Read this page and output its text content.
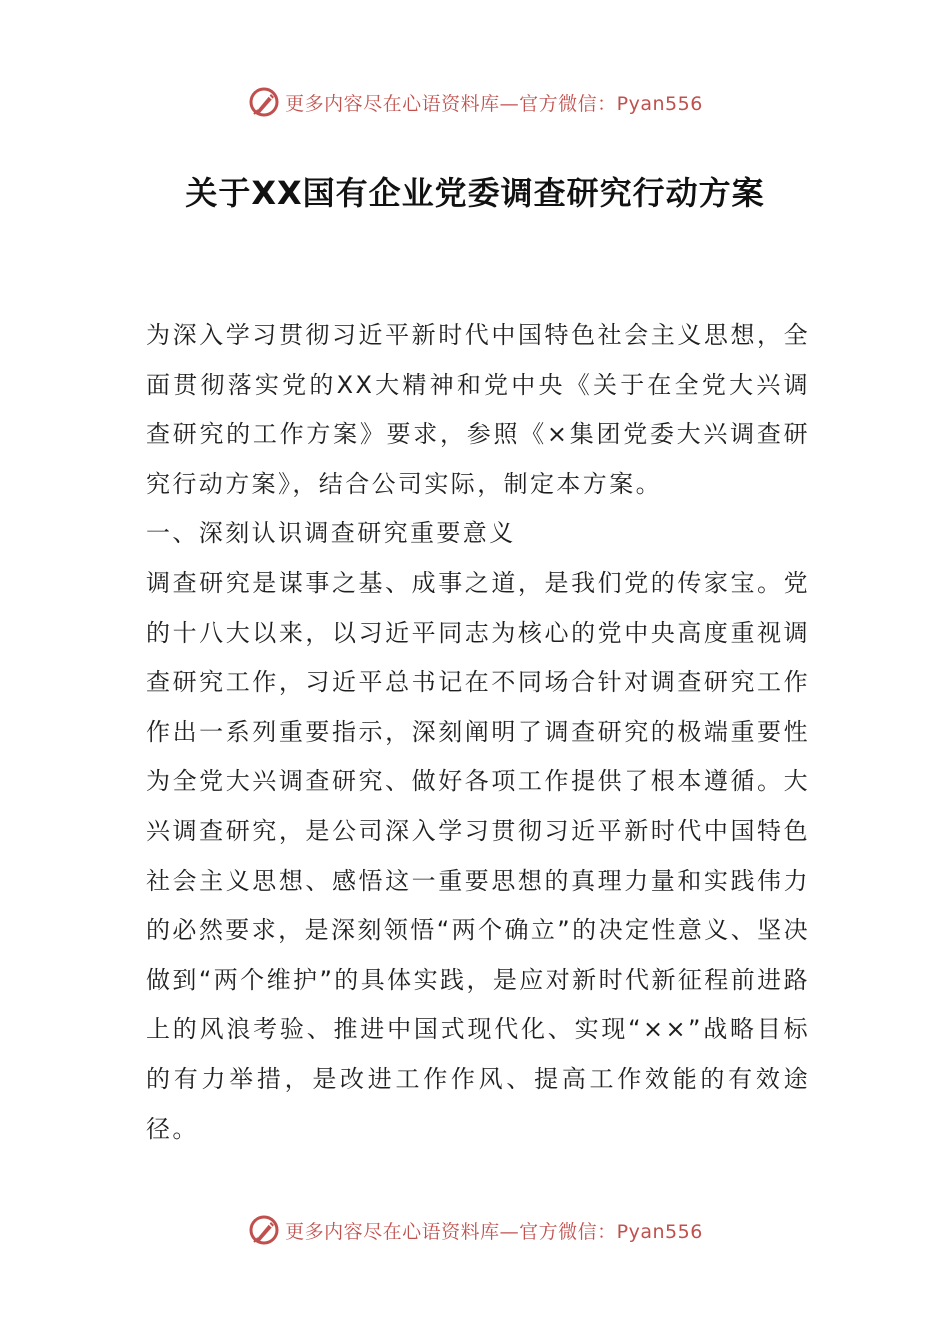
更多内容尽在心语资料库—官方微信：Pyan556
关于XX国有企业党委调查研究行动方案

为深入学习贯彻习近平新时代中国特色社会主义思想，全面贯彻落实党的XX大精神和党中央《关于在全党大兴调查研究的工作方案》要求，参照《×集团党委大兴调查研究行动方案》，结合公司实际，制定本方案。

一、深刻认识调查研究重要意义

调查研究是谋事之基、成事之道，是我们党的传家宝。党的十八大以来，以习近平同志为核心的党中央高度重视调查研究工作，习近平总书记在不同场合针对调查研究工作作出一系列重要指示，深刻阐明了调查研究的极端重要性为全党大兴调查研究、做好各项工作提供了根本遵循。大兴调查研究，是公司深入学习贯彻习近平新时代中国特色社会主义思想、感悟这一重要思想的真理力量和实践伟力的必然要求，是深刻领悟“两个确立”的决定性意义、坚决做到“两个维护”的具体实践，是应对新时代新征程前进路上的风浪考验、推进中国式现代化、实现“××”战略目标的有力举措，是改进工作作风、提高工作效能的有效途径。

更多内容尽在心语资料库—官方微信：Pyan556
